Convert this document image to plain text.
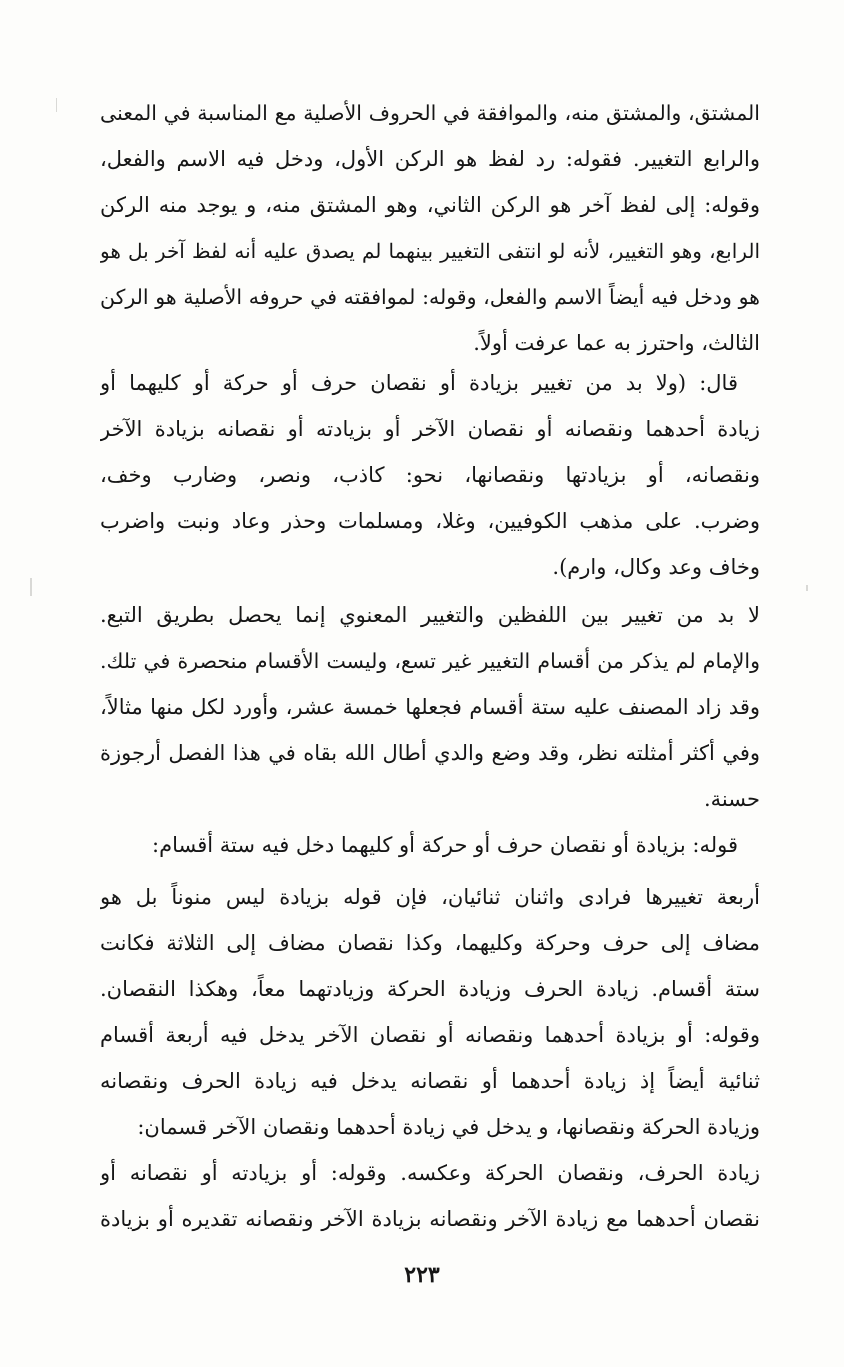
المشتق، والمشتق منه، والموافقة في الحروف الأصلية مع المناسبة في المعنى
والرابع التغيير. فقوله: رد لفظ هو الركن الأول، ودخل فيه الاسم والفعل،
وقوله: إلى لفظ آخر هو الركن الثاني، وهو المشتق منه، و يوجد منه الركن
الرابع، وهو التغيير، لأنه لو انتفى التغيير بينهما لم يصدق عليه أنه لفظ آخر بل هو
هو ودخل فيه أيضاً الاسم والفعل، وقوله: لموافقته في حروفه الأصلية هو الركن
الثالث، واحترز به عما عرفت أولاً.
قال: (ولا بد من تغيير بزيادة أو نقصان حرف أو حركة أو كليهما أو
زيادة أحدهما ونقصانه أو نقصان الآخر أو بزيادته أو نقصانه بزيادة الآخر
ونقصانه، أو بزيادتها ونقصانها، نحو: كاذب، ونصر، وضارب وخف،
وضرب. على مذهب الكوفيين، وغلا، ومسلمات وحذر وعاد ونبت واضرب
وخاف وعد وكال، وارم).
لا بد من تغيير بين اللفظين والتغيير المعنوي إنما يحصل بطريق التبع.
والإمام لم يذكر من أقسام التغيير غير تسع، وليست الأقسام منحصرة في تلك.
وقد زاد المصنف عليه ستة أقسام فجعلها خمسة عشر، وأورد لكل منها مثالاً،
وفي أكثر أمثلته نظر، وقد وضع والدي أطال الله بقاه في هذا الفصل أرجوزة
حسنة.
قوله: بزيادة أو نقصان حرف أو حركة أو كليهما دخل فيه ستة أقسام:
أربعة تغييرها فرادى واثنان ثنائيان، فإن قوله بزيادة ليس منوناً بل هو
مضاف إلى حرف وحركة وكليهما، وكذا نقصان مضاف إلى الثلاثة فكانت
ستة أقسام. زيادة الحرف وزيادة الحركة وزيادتهما معاً، وهكذا النقصان.
وقوله: أو بزيادة أحدهما ونقصانه أو نقصان الآخر يدخل فيه أربعة أقسام
ثنائية أيضاً إذ زيادة أحدهما أو نقصانه يدخل فيه زيادة الحرف ونقصانه
وزيادة الحركة ونقصانها، و يدخل في زيادة أحدهما ونقصان الآخر قسمان:
زيادة الحرف، ونقصان الحركة وعكسه. وقوله: أو بزيادته أو نقصانه أو
نقصان أحدهما مع زيادة الآخر ونقصانه بزيادة الآخر ونقصانه تقديره أو بزيادة
٢٢٣
